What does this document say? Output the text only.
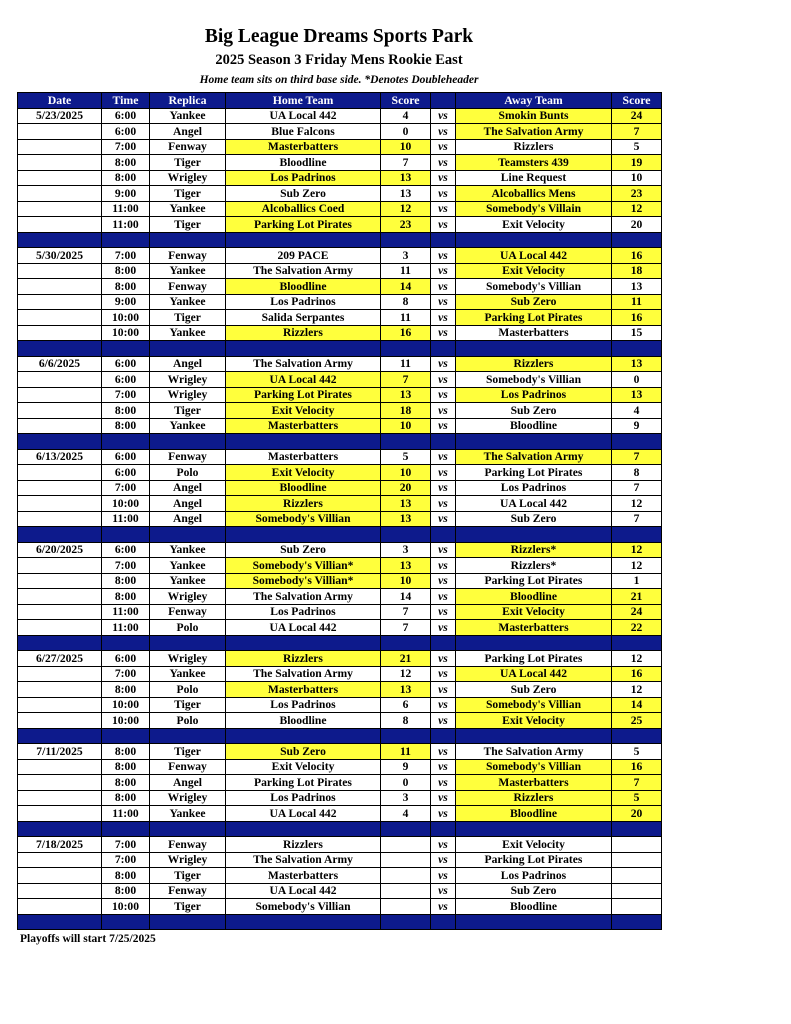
Big League Dreams Sports Park
2025 Season 3 Friday Mens Rookie East
Home team sits on third base side. *Denotes Doubleheader
Date	Time	Replica	Home Team	Score		Away Team	Score
5/23/2025	6:00	Yankee	UA Local 442	4	vs	Smokin Bunts	24
	6:00	Angel	Blue Falcons	0	vs	The Salvation Army	7
	7:00	Fenway	Masterbatters	10	vs	Rizzlers	5
	8:00	Tiger	Bloodline	7	vs	Teamsters 439	19
	8:00	Wrigley	Los Padrinos	13	vs	Line Request	10
	9:00	Tiger	Sub Zero	13	vs	Alcoballics Mens	23
	11:00	Yankee	Alcoballics Coed	12	vs	Somebody's Villain	12
	11:00	Tiger	Parking Lot Pirates	23	vs	Exit Velocity	20

5/30/2025	7:00	Fenway	209 PACE	3	vs	UA Local 442	16
	8:00	Yankee	The Salvation Army	11	vs	Exit Velocity	18
	8:00	Fenway	Bloodline	14	vs	Somebody's Villian	13
	9:00	Yankee	Los Padrinos	8	vs	Sub Zero	11
	10:00	Tiger	Salida Serpantes	11	vs	Parking Lot Pirates	16
	10:00	Yankee	Rizzlers	16	vs	Masterbatters	15

6/6/2025	6:00	Angel	The Salvation Army	11	vs	Rizzlers	13
	6:00	Wrigley	UA Local 442	7	vs	Somebody's Villian	0
	7:00	Wrigley	Parking Lot Pirates	13	vs	Los Padrinos	13
	8:00	Tiger	Exit Velocity	18	vs	Sub Zero	4
	8:00	Yankee	Masterbatters	10	vs	Bloodline	9

6/13/2025	6:00	Fenway	Masterbatters	5	vs	The Salvation Army	7
	6:00	Polo	Exit Velocity	10	vs	Parking Lot Pirates	8
	7:00	Angel	Bloodline	20	vs	Los Padrinos	7
	10:00	Angel	Rizzlers	13	vs	UA Local 442	12
	11:00	Angel	Somebody's Villian	13	vs	Sub Zero	7

6/20/2025	6:00	Yankee	Sub Zero	3	vs	Rizzlers*	12
	7:00	Yankee	Somebody's Villian*	13	vs	Rizzlers*	12
	8:00	Yankee	Somebody's Villian*	10	vs	Parking Lot Pirates	1
	8:00	Wrigley	The Salvation Army	14	vs	Bloodline	21
	11:00	Fenway	Los Padrinos	7	vs	Exit Velocity	24
	11:00	Polo	UA Local 442	7	vs	Masterbatters	22

6/27/2025	6:00	Wrigley	Rizzlers	21	vs	Parking Lot Pirates	12
	7:00	Yankee	The Salvation Army	12	vs	UA Local 442	16
	8:00	Polo	Masterbatters	13	vs	Sub Zero	12
	10:00	Tiger	Los Padrinos	6	vs	Somebody's Villian	14
	10:00	Polo	Bloodline	8	vs	Exit Velocity	25

7/11/2025	8:00	Tiger	Sub Zero	11	vs	The Salvation Army	5
	8:00	Fenway	Exit Velocity	9	vs	Somebody's Villian	16
	8:00	Angel	Parking Lot Pirates	0	vs	Masterbatters	7
	8:00	Wrigley	Los Padrinos	3	vs	Rizzlers	5
	11:00	Yankee	UA Local 442	4	vs	Bloodline	20

7/18/2025	7:00	Fenway	Rizzlers		vs	Exit Velocity	
	7:00	Wrigley	The Salvation Army		vs	Parking Lot Pirates	
	8:00	Tiger	Masterbatters		vs	Los Padrinos	
	8:00	Fenway	UA Local 442		vs	Sub Zero	
	10:00	Tiger	Somebody's Villian		vs	Bloodline	

Playoffs will start 7/25/2025
